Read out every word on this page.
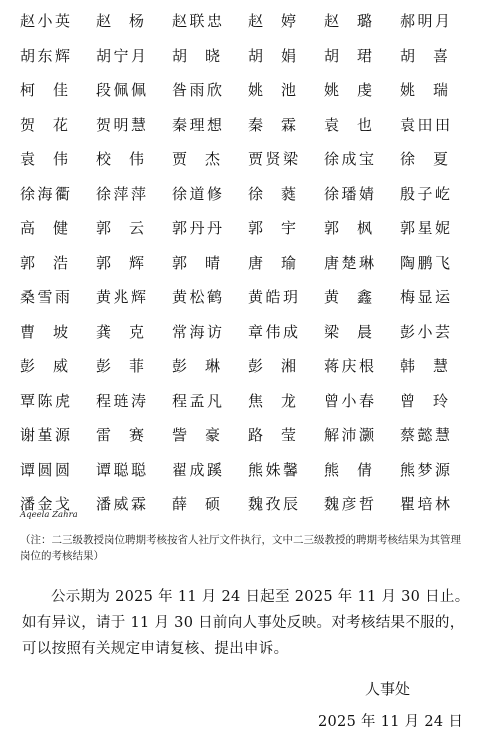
赵 小 英 赵 杨 赵 联 忠 赵 婷 赵 璐 郝 明 月
胡 东 辉 胡 宁 月 胡 晓 胡 娟 胡 珺 胡 喜
柯 佳 段 佩 佩 昝 雨 欣 姚 池 姚 虔 姚 瑞
贺 花 贺 明 慧 秦 理 想 秦 霖 袁 也 袁 田 田
袁 伟 校 伟 贾 杰 贾 贤 梁 徐 成 宝 徐 夏
徐 海 衢 徐 萍 萍 徐 道 修 徐 蕤 徐 璠 婧 殷 子 屹
高 健 郭 云 郭 丹 丹 郭 宇 郭 枫 郭 星 妮
郭 浩 郭 辉 郭 晴 唐 瑜 唐 楚 琳 陶 鹏 飞
桑 雪 雨 黄 兆 辉 黄 松 鹤 黄 皓 玥 黄 鑫 梅 显 运
曹 坡 龚 克 常 海 访 章 伟 成 梁 晨 彭 小 芸
彭 威 彭 菲 彭 琳 彭 湘 蒋 庆 根 韩 慧
覃 陈 虎 程 琏 涛 程 孟 凡 焦 龙 曾 小 春 曾 玲
谢 堇 源 雷 赛 訾 豪 路 莹 解 沛 灏 蔡 懿 慧
谭 圆 圆 谭 聪 聪 翟 成 蹊 熊 姝 馨 熊 倩 熊 梦 源
潘 金 戈 潘 威 霖 薛 硕 魏 孜 辰 魏 彦 哲 瞿 培 林
Aqeela Zahra
（注：二三级教授岗位聘期考核按省人社厅文件执行，文中二三级教授的聘期考核结果为其管理岗位的考核结果）
公示期为 2025 年 11 月 24 日起至 2025 年 11 月 30 日止。如有异议，请于 11 月 30 日前向人事处反映。对考核结果不服的，可以按照有关规定申请复核、提出申诉。
人事处
2025 年 11 月 24 日
